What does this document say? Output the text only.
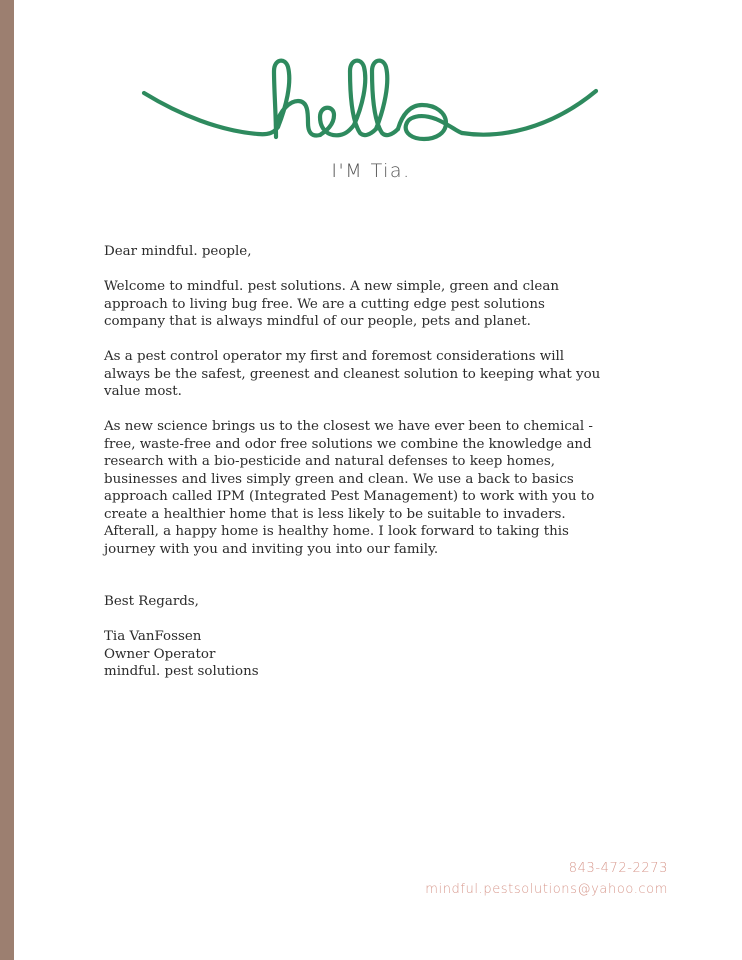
I'M Tia.

Dear mindful. people,

Welcome to mindful. pest solutions. A new simple, green and clean approach to living bug free. We are a cutting edge pest solutions company that is always mindful of our people, pets and planet.

As a pest control operator my first and foremost considerations will always be the safest, greenest and cleanest solution to keeping what you value most.

As new science brings us to the closest we have ever been to chemical -free, waste-free and odor free solutions we combine the knowledge and research with a bio-pesticide and natural defenses to keep homes, businesses and lives simply green and clean. We use a back to basics approach called IPM (Integrated Pest Management) to work with you to create a healthier home that is less likely to be suitable to invaders. Afterall, a happy home is healthy home. I look forward to taking this journey with you and inviting you into our family.

Best Regards,

Tia VanFossen
Owner Operator
mindful. pest solutions
843-472-2273
mindful.pestsolutions@yahoo.com
